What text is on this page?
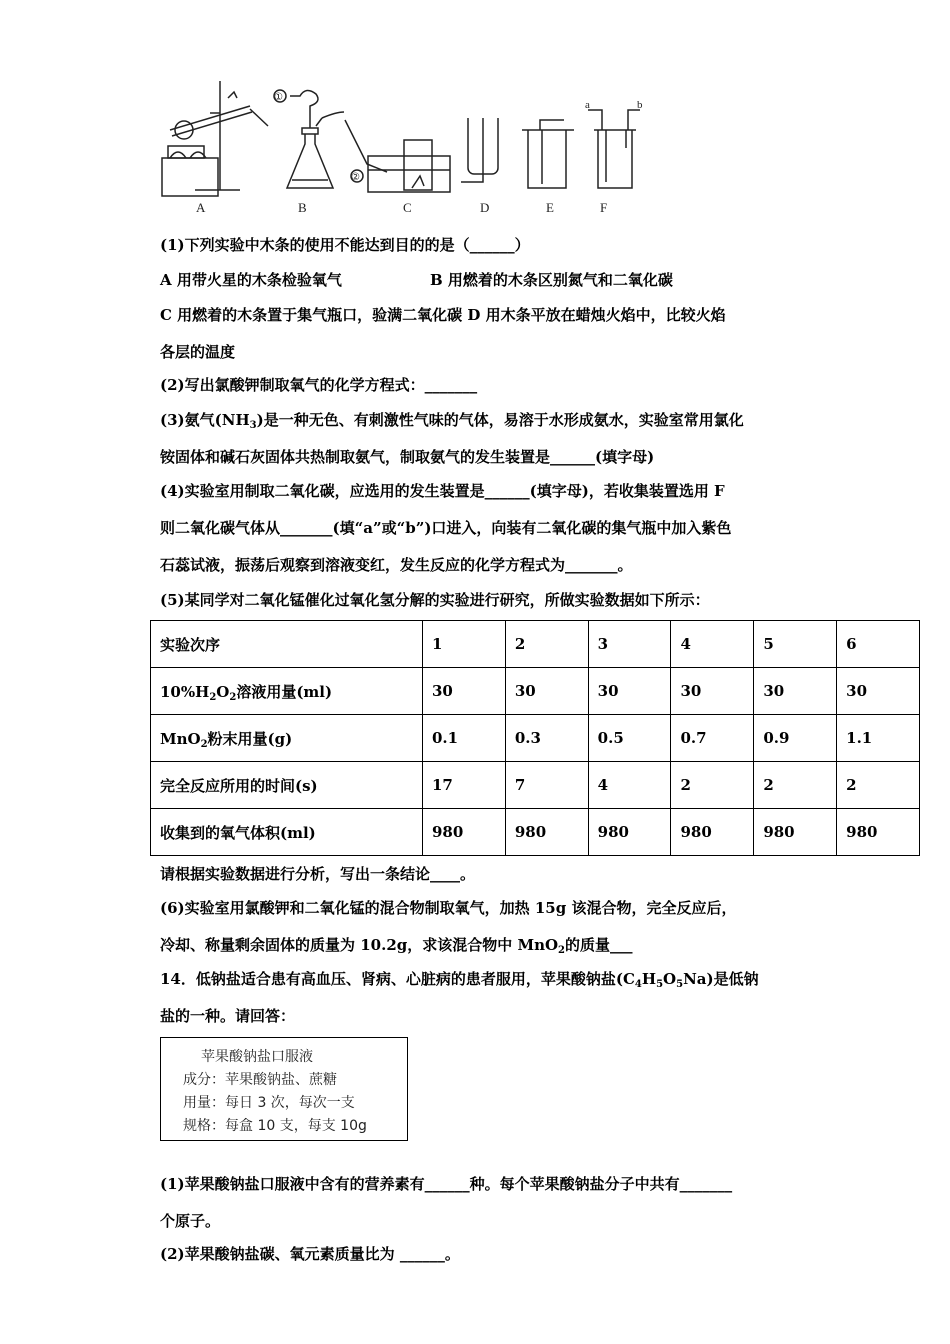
A	B	C	D	E	F
①
②
a	b
(1)下列实验中木条的使用不能达到目的的是（______）
A 用带火星的木条检验氧气	B 用燃着的木条区别氮气和二氧化碳
C 用燃着的木条置于集气瓶口，验满二氧化碳 D 用木条平放在蜡烛火焰中，比较火焰
各层的温度
(2)写出氯酸钾制取氧气的化学方程式：_______
(3)氨气$(NH_3)$是一种无色、有刺激性气味的气体，易溶于水形成氨水，实验室常用氯化
铵固体和碱石灰固体共热制取氨气，制取氨气的发生装置是______(填字母)
(4)实验室用制取二氧化碳，应选用的发生装置是______(填字母)，若收集装置选用 F
则二氧化碳气体从_______(填“a”或“b”)口进入，向装有二氧化碳的集气瓶中加入紫色
石蕊试液，振荡后观察到溶液变红，发生反应的化学方程式为_______。
(5)某同学对二氧化锰催化过氧化氢分解的实验进行研究，所做实验数据如下所示：
实验次序	1	2	3	4	5	6
$10\%H_2O_2$溶液用量(ml)	30	30	30	30	30	30
MnO$_2$粉末用量(g)	0.1	0.3	0.5	0.7	0.9	1.1
完全反应所用的时间(s)	17	7	4	2	2	2
收集到的氧气体积(ml)	980	980	980	980	980	980
请根据实验数据进行分析，写出一条结论____。
(6)实验室用氯酸钾和二氧化锰的混合物制取氧气，加热 15g 该混合物，完全反应后，
冷却、称量剩余固体的质量为 10.2g，求该混合物中 MnO$_2$的质量___
14．低钠盐适合患有高血压、肾病、心脏病的患者服用，苹果酸钠盐$(C_4H_5O_5Na)$是低钠
盐的一种。请回答：
苹果酸钠盐口服液
成分：苹果酸钠盐、蔗糖
用量：每日 3 次，每次一支
规格：每盒 10 支，每支 10g
(1)苹果酸钠盐口服液中含有的营养素有______种。每个苹果酸钠盐分子中共有_______
个原子。
(2)苹果酸钠盐碳、氧元素质量比为 ______。
